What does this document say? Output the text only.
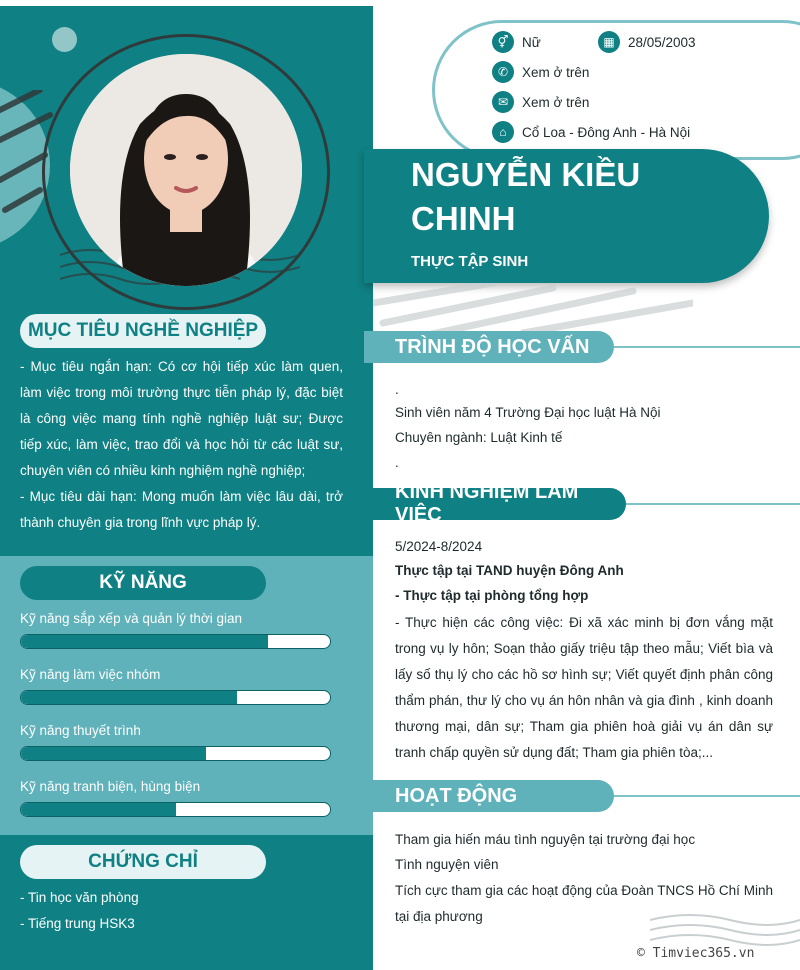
MỤC TIÊU NGHỀ NGHIỆP
- Mục tiêu ngắn hạn: Có cơ hội tiếp xúc làm quen, làm việc trong môi trường thực tiễn pháp lý, đặc biệt là công việc mang tính nghề nghiệp luật sư; Được tiếp xúc, làm việc, trao đổi và học hỏi từ các luật sư, chuyên viên có nhiều kinh nghiệm nghề nghiệp;
- Mục tiêu dài hạn: Mong muốn làm việc lâu dài, trở thành chuyên gia trong lĩnh vực pháp lý.
KỸ NĂNG
Kỹ năng sắp xếp và quản lý thời gian
Kỹ năng làm việc nhóm
Kỹ năng thuyết trình
Kỹ năng tranh biện, hùng biện
CHỨNG CHỈ
- Tin học văn phòng
- Tiếng trung HSK3
⚥	Nữ	▦ 28/05/2003
✆	Xem ở trên
✉	Xem ở trên
⌂	Cổ Loa - Đông Anh - Hà Nội
NGUYỄN KIỀU
CHINH
THỰC TẬP SINH
TRÌNH ĐỘ HỌC VẤN
.
Sinh viên năm 4 Trường Đại học luật Hà Nội
Chuyên ngành: Luật Kinh tế
.
KINH NGHIỆM LÀM VIỆC
5/2024-8/2024
Thực tập tại TAND huyện Đông Anh
- Thực tập tại phòng tổng hợp
- Thực hiện các công việc: Đi xã xác minh bị đơn vắng mặt trong vụ ly hôn; Soạn thảo giấy triệu tập theo mẫu; Viết bìa và lấy số thụ lý cho các hồ sơ hình sự; Viết quyết định phân công thẩm phán, thư lý cho vụ án hôn nhân và gia đình , kinh doanh thương mại, dân sự; Tham gia phiên hoà giải vụ án dân sự tranh chấp quyền sử dụng đất; Tham gia phiên tòa;...
HOẠT ĐỘNG
Tham gia hiến máu tình nguyện tại trường đại học
Tình nguyện viên
Tích cực tham gia các hoạt động của Đoàn TNCS Hồ Chí Minh tại địa phương
© Timviec365.vn
